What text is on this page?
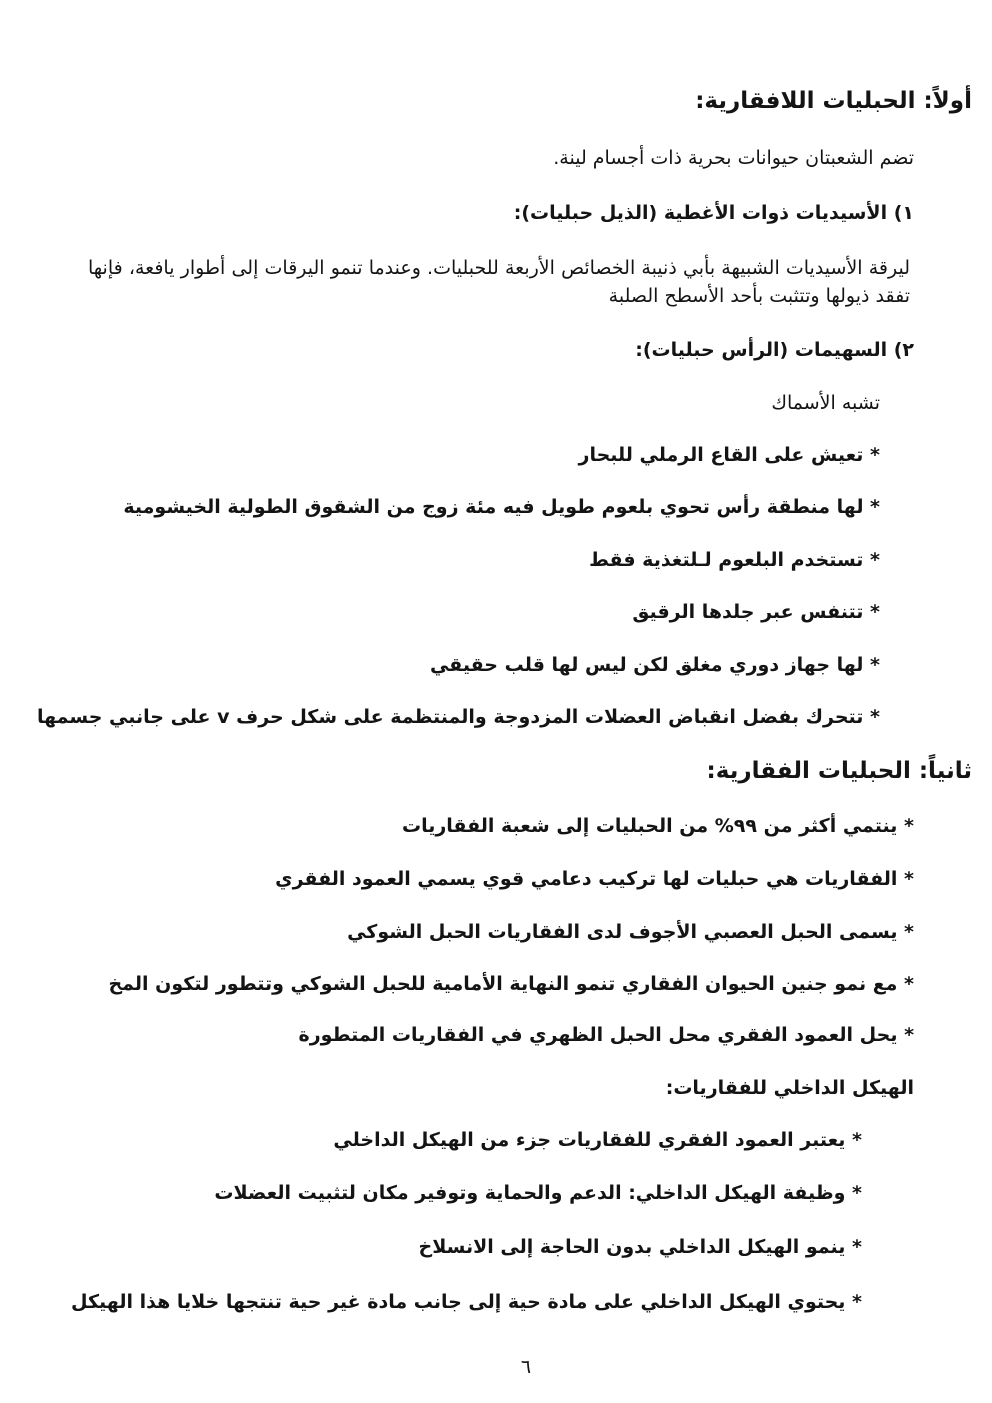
أولاً: الحبليات اللافقارية:
تضم الشعبتان حيوانات بحرية ذات أجسام لينة.
١) الأسيديات ذوات الأغطية (الذيل حبليات):
ليرقة الأسيديات الشبيهة بأبي ذنيبة الخصائص الأربعة للحبليات. وعندما تنمو اليرقات إلى أطوار يافعة، فإنها تفقد ذيولها وتتثبت بأحد الأسطح الصلبة
٢) السهيمات (الرأس حبليات):
تشبه الأسماك
* تعيش على القاع الرملي للبحار
* لها منطقة رأس تحوي بلعوم طويل فيه مئة زوج من الشقوق الطولية الخيشومية
* تستخدم البلعوم لـلتغذية فقط
* تتنفس عبر جلدها الرقيق
* لها جهاز دوري مغلق لكن ليس لها قلب حقيقي
* تتحرك بفضل انقباض العضلات المزدوجة والمنتظمة على شكل حرف v على جانبي جسمها
ثانياً: الحبليات الفقارية:
* ينتمي أكثر من ٩٩% من الحبليات إلى شعبة الفقاريات
* الفقاريات هي حبليات لها تركيب دعامي قوي يسمي العمود الفقري
* يسمى الحبل العصبي الأجوف لدى الفقاريات الحبل الشوكي
* مع نمو جنين الحيوان الفقاري تنمو النهاية الأمامية للحبل الشوكي وتتطور لتكون المخ
* يحل العمود الفقري محل الحبل الظهري في الفقاريات المتطورة
الهيكل الداخلي للفقاريات:
* يعتبر العمود الفقري للفقاريات جزء من الهيكل الداخلي
* وظيفة الهيكل الداخلي: الدعم والحماية وتوفير مكان لتثبيت العضلات
* ينمو الهيكل الداخلي بدون الحاجة إلى الانسلاخ
* يحتوي الهيكل الداخلي على مادة حية إلى جانب مادة غير حية تنتجها خلايا هذا الهيكل
٦
